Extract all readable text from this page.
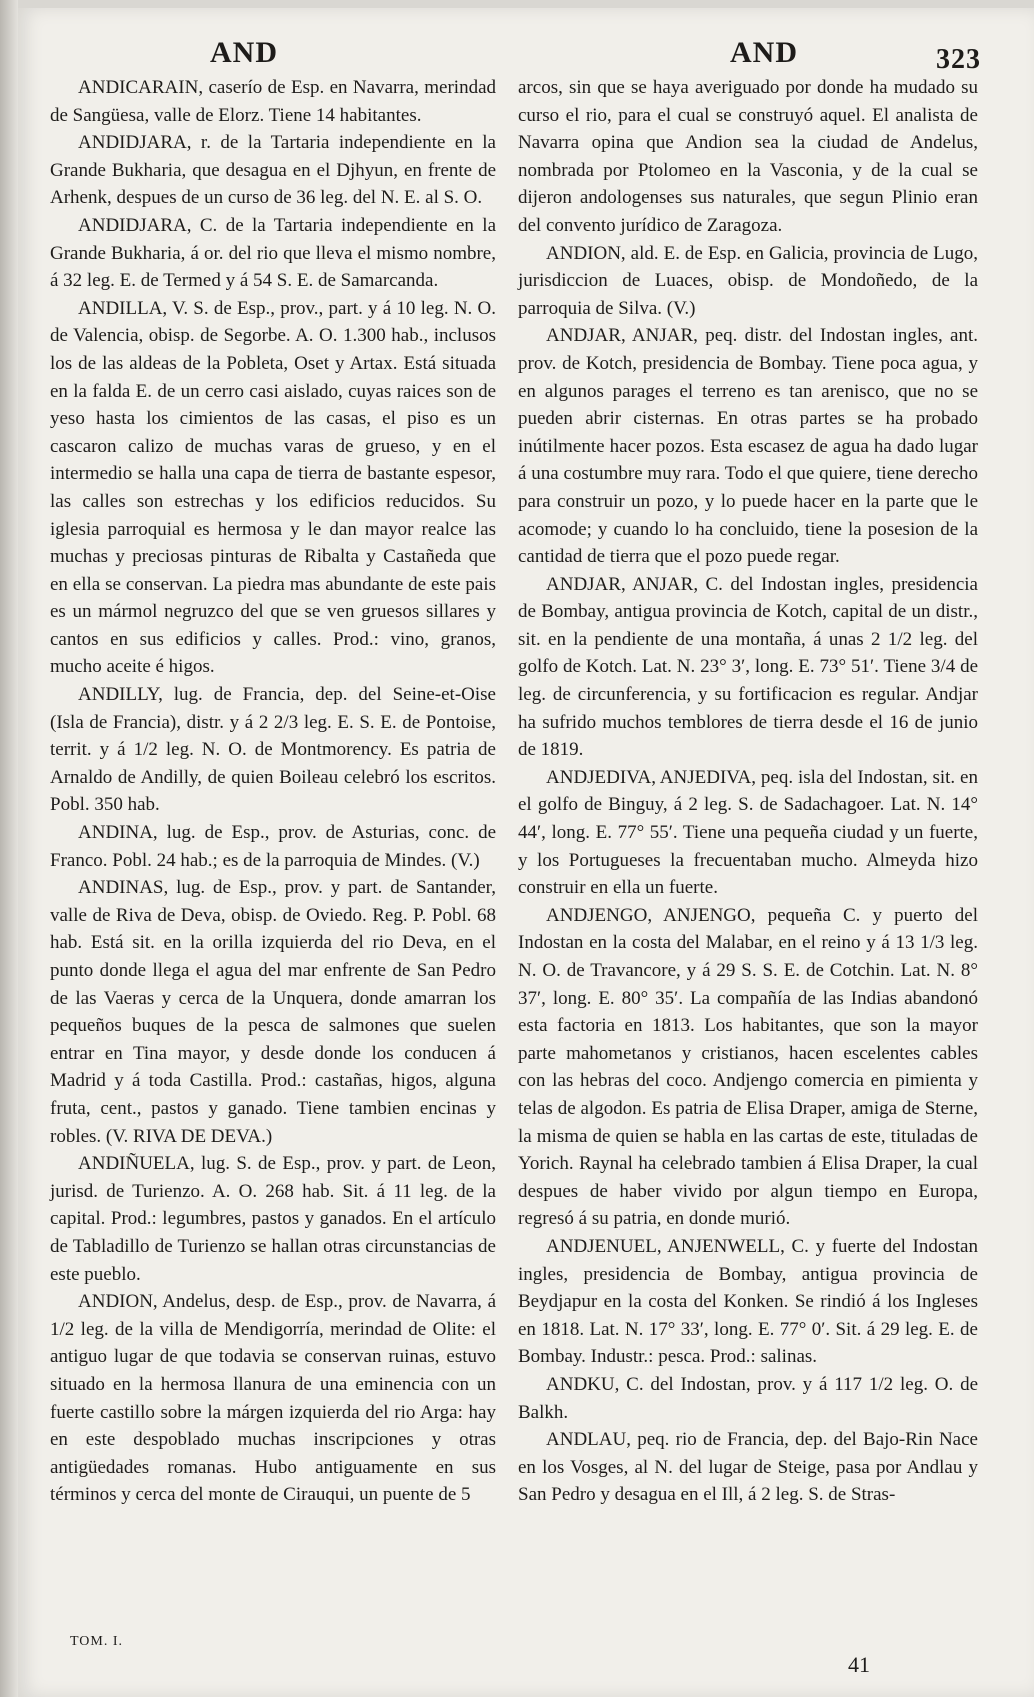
AND	AND	323

ANDICARAIN, caserío de Esp. en Navarra, merindad de Sangüesa, valle de Elorz. Tiene 14 habitantes.

ANDIDJARA, r. de la Tartaria independiente en la Grande Bukharia, que desagua en el Djhyun, en frente de Arhenk, despues de un curso de 36 leg. del N. E. al S. O.

ANDIDJARA, C. de la Tartaria independiente en la Grande Bukharia, á or. del rio que lleva el mismo nombre, á 32 leg. E. de Termed y á 54 S. E. de Samarcanda.

ANDILLA, V. S. de Esp., prov., part. y á 10 leg. N. O. de Valencia, obisp. de Segorbe. A. O. 1.300 hab., inclusos los de las aldeas de la Pobleta, Oset y Artax. Está situada en la falda E. de un cerro casi aislado, cuyas raices son de yeso hasta los cimientos de las casas, el piso es un cascaron calizo de muchas varas de grueso, y en el intermedio se halla una capa de tierra de bastante espesor, las calles son estrechas y los edificios reducidos. Su iglesia parroquial es hermosa y le dan mayor realce las muchas y preciosas pinturas de Ribalta y Castañeda que en ella se conservan. La piedra mas abundante de este pais es un mármol negruzco del que se ven gruesos sillares y cantos en sus edificios y calles. Prod.: vino, granos, mucho aceite é higos.

ANDILLY, lug. de Francia, dep. del Seine-et-Oise (Isla de Francia), distr. y á 2 2/3 leg. E. S. E. de Pontoise, territ. y á 1/2 leg. N. O. de Montmorency. Es patria de Arnaldo de Andilly, de quien Boileau celebró los escritos. Pobl. 350 hab.

ANDINA, lug. de Esp., prov. de Asturias, conc. de Franco. Pobl. 24 hab.; es de la parroquia de Mindes. (V.)

ANDINAS, lug. de Esp., prov. y part. de Santander, valle de Riva de Deva, obisp. de Oviedo. Reg. P. Pobl. 68 hab. Está sit. en la orilla izquierda del rio Deva, en el punto donde llega el agua del mar enfrente de San Pedro de las Vaeras y cerca de la Unquera, donde amarran los pequeños buques de la pesca de salmones que suelen entrar en Tina mayor, y desde donde los conducen á Madrid y á toda Castilla. Prod.: castañas, higos, alguna fruta, cent., pastos y ganado. Tiene tambien encinas y robles. (V. RIVA DE DEVA.)

ANDIÑUELA, lug. S. de Esp., prov. y part. de Leon, jurisd. de Turienzo. A. O. 268 hab. Sit. á 11 leg. de la capital. Prod.: legumbres, pastos y ganados. En el artículo de Tabladillo de Turienzo se hallan otras circunstancias de este pueblo.

ANDION, Andelus, desp. de Esp., prov. de Navarra, á 1/2 leg. de la villa de Mendigorría, merindad de Olite: el antiguo lugar de que todavia se conservan ruinas, estuvo situado en la hermosa llanura de una eminencia con un fuerte castillo sobre la márgen izquierda del rio Arga: hay en este despoblado muchas inscripciones y otras antigüedades romanas. Hubo antiguamente en sus términos y cerca del monte de Cirauqui, un puente de 5

arcos, sin que se haya averiguado por donde ha mudado su curso el rio, para el cual se construyó aquel. El analista de Navarra opina que Andion sea la ciudad de Andelus, nombrada por Ptolomeo en la Vasconia, y de la cual se dijeron andologenses sus naturales, que segun Plinio eran del convento jurídico de Zaragoza.

ANDION, ald. E. de Esp. en Galicia, provincia de Lugo, jurisdiccion de Luaces, obisp. de Mondoñedo, de la parroquia de Silva. (V.)

ANDJAR, ANJAR, peq. distr. del Indostan ingles, ant. prov. de Kotch, presidencia de Bombay. Tiene poca agua, y en algunos parages el terreno es tan arenisco, que no se pueden abrir cisternas. En otras partes se ha probado inútilmente hacer pozos. Esta escasez de agua ha dado lugar á una costumbre muy rara. Todo el que quiere, tiene derecho para construir un pozo, y lo puede hacer en la parte que le acomode; y cuando lo ha concluido, tiene la posesion de la cantidad de tierra que el pozo puede regar.

ANDJAR, ANJAR, C. del Indostan ingles, presidencia de Bombay, antigua provincia de Kotch, capital de un distr., sit. en la pendiente de una montaña, á unas 2 1/2 leg. del golfo de Kotch. Lat. N. 23° 3′, long. E. 73° 51′. Tiene 3/4 de leg. de circunferencia, y su fortificacion es regular. Andjar ha sufrido muchos temblores de tierra desde el 16 de junio de 1819.

ANDJEDIVA, ANJEDIVA, peq. isla del Indostan, sit. en el golfo de Binguy, á 2 leg. S. de Sadachagoer. Lat. N. 14° 44′, long. E. 77° 55′. Tiene una pequeña ciudad y un fuerte, y los Portugueses la frecuentaban mucho. Almeyda hizo construir en ella un fuerte.

ANDJENGO, ANJENGO, pequeña C. y puerto del Indostan en la costa del Malabar, en el reino y á 13 1/3 leg. N. O. de Travancore, y á 29 S. S. E. de Cotchin. Lat. N. 8° 37′, long. E. 80° 35′. La compañía de las Indias abandonó esta factoria en 1813. Los habitantes, que son la mayor parte mahometanos y cristianos, hacen escelentes cables con las hebras del coco. Andjengo comercia en pimienta y telas de algodon. Es patria de Elisa Draper, amiga de Sterne, la misma de quien se habla en las cartas de este, tituladas de Yorich. Raynal ha celebrado tambien á Elisa Draper, la cual despues de haber vivido por algun tiempo en Europa, regresó á su patria, en donde murió.

ANDJENUEL, ANJENWELL, C. y fuerte del Indostan ingles, presidencia de Bombay, antigua provincia de Beydjapur en la costa del Konken. Se rindió á los Ingleses en 1818. Lat. N. 17° 33′, long. E. 77° 0′. Sit. á 29 leg. E. de Bombay. Industr.: pesca. Prod.: salinas.

ANDKU, C. del Indostan, prov. y á 117 1/2 leg. O. de Balkh.

ANDLAU, peq. rio de Francia, dep. del Bajo-Rin Nace en los Vosges, al N. del lugar de Steige, pasa por Andlau y San Pedro y desagua en el Ill, á 2 leg. S. de Stras-

TOM. I.
41
